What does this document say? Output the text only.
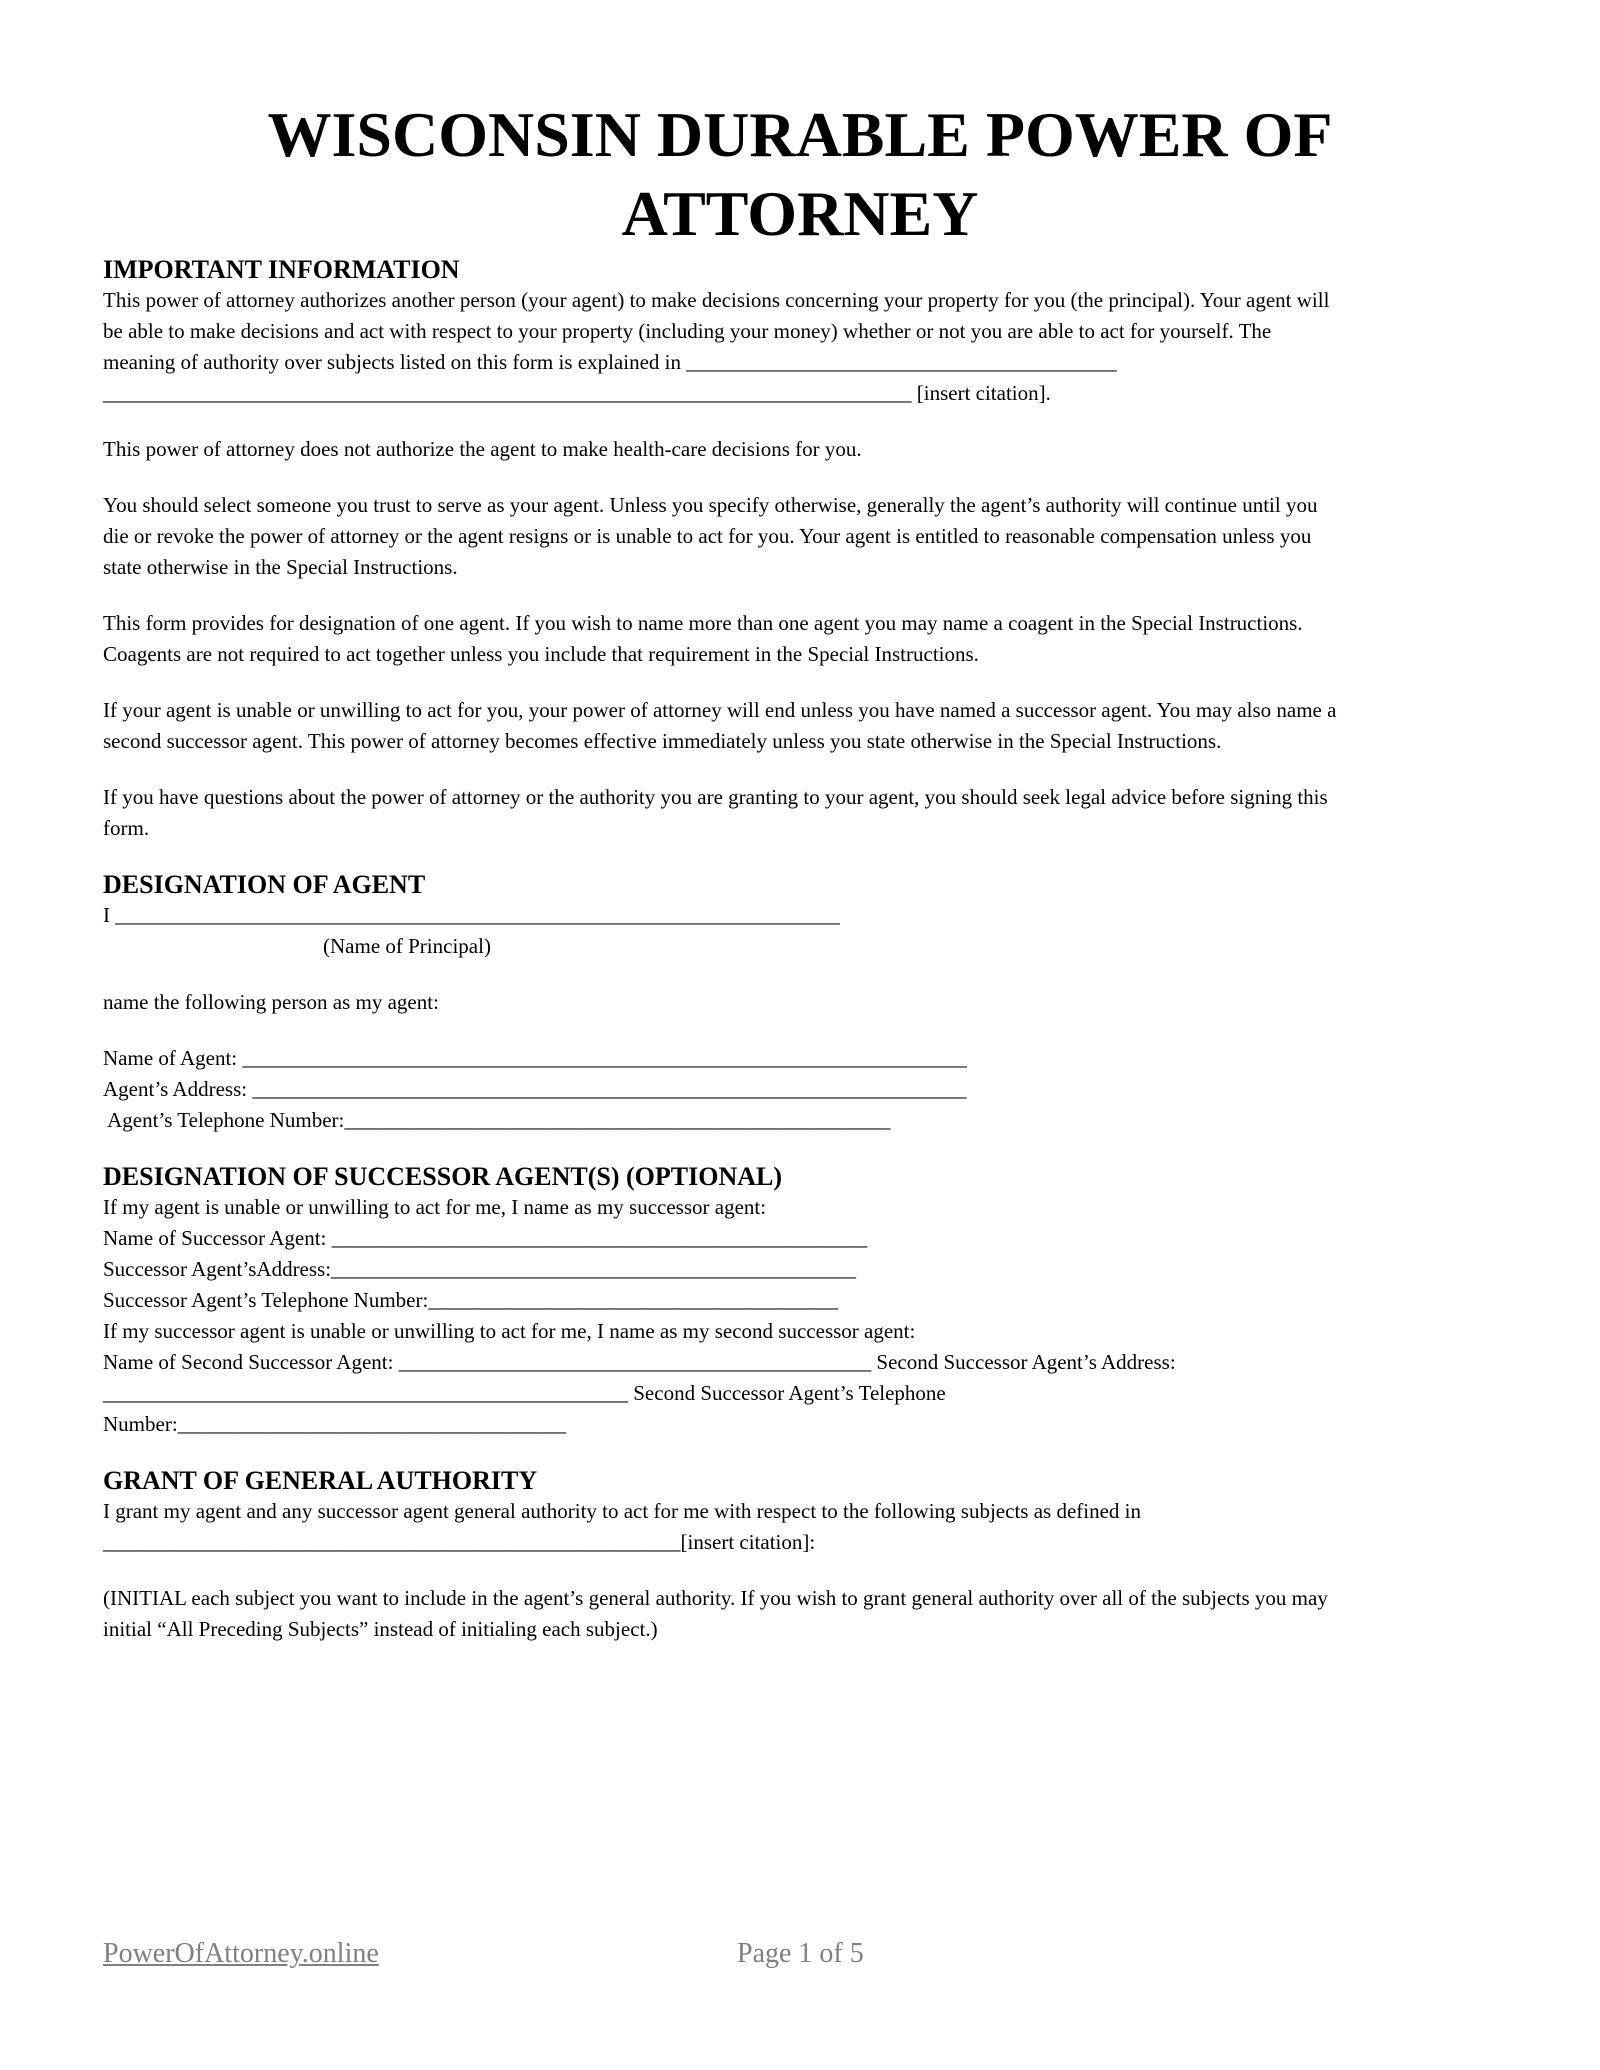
WISCONSIN DURABLE POWER OF ATTORNEY
IMPORTANT INFORMATION
This power of attorney authorizes another person (your agent) to make decisions concerning your property for you (the principal). Your agent will
be able to make decisions and act with respect to your property (including your money) whether or not you are able to act for yourself. The
meaning of authority over subjects listed on this form is explained in _________________________________________
_____________________________________________________________________________ [insert citation].
This power of attorney does not authorize the agent to make health-care decisions for you.
You should select someone you trust to serve as your agent. Unless you specify otherwise, generally the agent’s authority will continue until you
die or revoke the power of attorney or the agent resigns or is unable to act for you. Your agent is entitled to reasonable compensation unless you
state otherwise in the Special Instructions.
This form provides for designation of one agent. If you wish to name more than one agent you may name a coagent in the Special Instructions.
Coagents are not required to act together unless you include that requirement in the Special Instructions.
If your agent is unable or unwilling to act for you, your power of attorney will end unless you have named a successor agent. You may also name a
second successor agent. This power of attorney becomes effective immediately unless you state otherwise in the Special Instructions.
If you have questions about the power of attorney or the authority you are granting to your agent, you should seek legal advice before signing this
form.
DESIGNATION OF AGENT
I _____________________________________________________________________
(Name of Principal)
name the following person as my agent:
Name of Agent: _____________________________________________________________________
Agent’s Address: ____________________________________________________________________
Agent’s Telephone Number:____________________________________________________
DESIGNATION OF SUCCESSOR AGENT(S) (OPTIONAL)
If my agent is unable or unwilling to act for me, I name as my successor agent:
Name of Successor Agent: ___________________________________________________
Successor Agent’sAddress:__________________________________________________
Successor Agent’s Telephone Number:_______________________________________
If my successor agent is unable or unwilling to act for me, I name as my second successor agent:
Name of Second Successor Agent: _____________________________________________ Second Successor Agent’s Address:
__________________________________________________ Second Successor Agent’s Telephone
Number:_____________________________________
GRANT OF GENERAL AUTHORITY
I grant my agent and any successor agent general authority to act for me with respect to the following subjects as defined in
_______________________________________________________[insert citation]:
(INITIAL each subject you want to include in the agent’s general authority. If you wish to grant general authority over all of the subjects you may
initial “All Preceding Subjects” instead of initialing each subject.)
PowerOfAttorney.online	Page 1 of 5
